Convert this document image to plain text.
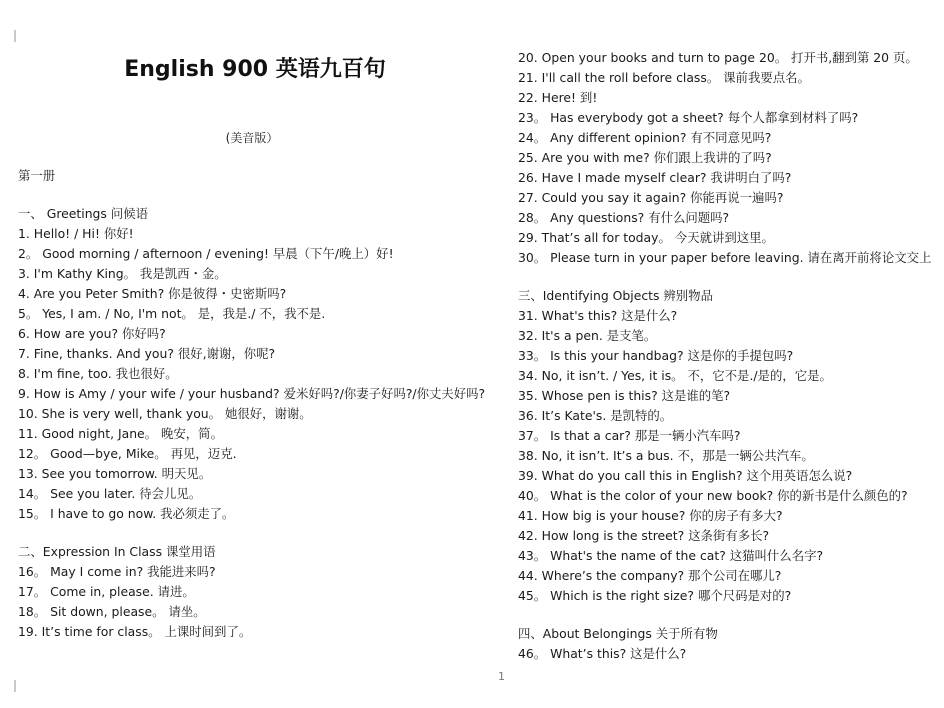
English 900 英语九百句
(美音版）
第一册
一、 Greetings 问候语
1. Hello! / Hi! 你好!
2。 Good morning / afternoon / evening! 早晨（下午/晚上）好!
3. I'm Kathy King。 我是凯西・金。
4. Are you Peter Smith? 你是彼得・史密斯吗?
5。 Yes, I am. / No, I'm not。 是，我是./ 不，我不是.
6. How are you? 你好吗?
7. Fine, thanks. And you? 很好,谢谢，你呢?
8. I'm fine, too. 我也很好。
9. How is Amy / your wife / your husband? 爱米好吗?/你妻子好吗?/你丈夫好吗?
10. She is very well, thank you。 她很好，谢谢。
11. Good night, Jane。 晚安，简。
12。 Good—bye, Mike。 再见，迈克.
13. See you tomorrow. 明天见。
14。 See you later. 待会儿见。
15。 I have to go now. 我必须走了。
二、Expression In Class 课堂用语
16。 May I come in? 我能进来吗?
17。 Come in, please. 请进。
18。 Sit down, please。 请坐。
19. It’s time for class。 上课时间到了。
20. Open your books and turn to page 20。 打开书,翻到第 20 页。
21. I'll call the roll before class。 课前我要点名。
22. Here! 到!
23。 Has everybody got a sheet? 每个人都拿到材料了吗?
24。 Any different opinion? 有不同意见吗?
25. Are you with me? 你们跟上我讲的了吗?
26. Have I made myself clear? 我讲明白了吗?
27. Could you say it again? 你能再说一遍吗?
28。 Any questions? 有什么问题吗?
29. That’s all for today。 今天就讲到这里。
30。 Please turn in your paper before leaving. 请在离开前将论文交上
三、Identifying Objects 辨别物品
31. What's this? 这是什么?
32. It's a pen. 是支笔。
33。 Is this your handbag? 这是你的手提包吗?
34. No, it isn’t. / Yes, it is。 不，它不是./是的，它是。
35. Whose pen is this? 这是谁的笔?
36. It’s Kate's. 是凯特的。
37。 Is that a car? 那是一辆小汽车吗?
38. No, it isn’t. It’s a bus. 不，那是一辆公共汽车。
39. What do you call this in English? 这个用英语怎么说?
40。 What is the color of your new book? 你的新书是什么颜色的?
41. How big is your house? 你的房子有多大?
42. How long is the street? 这条街有多长?
43。 What's the name of the cat? 这猫叫什么名字?
44. Where’s the company? 那个公司在哪儿?
45。 Which is the right size? 哪个尺码是对的?
四、About Belongings 关于所有物
46。 What’s this? 这是什么?
1
